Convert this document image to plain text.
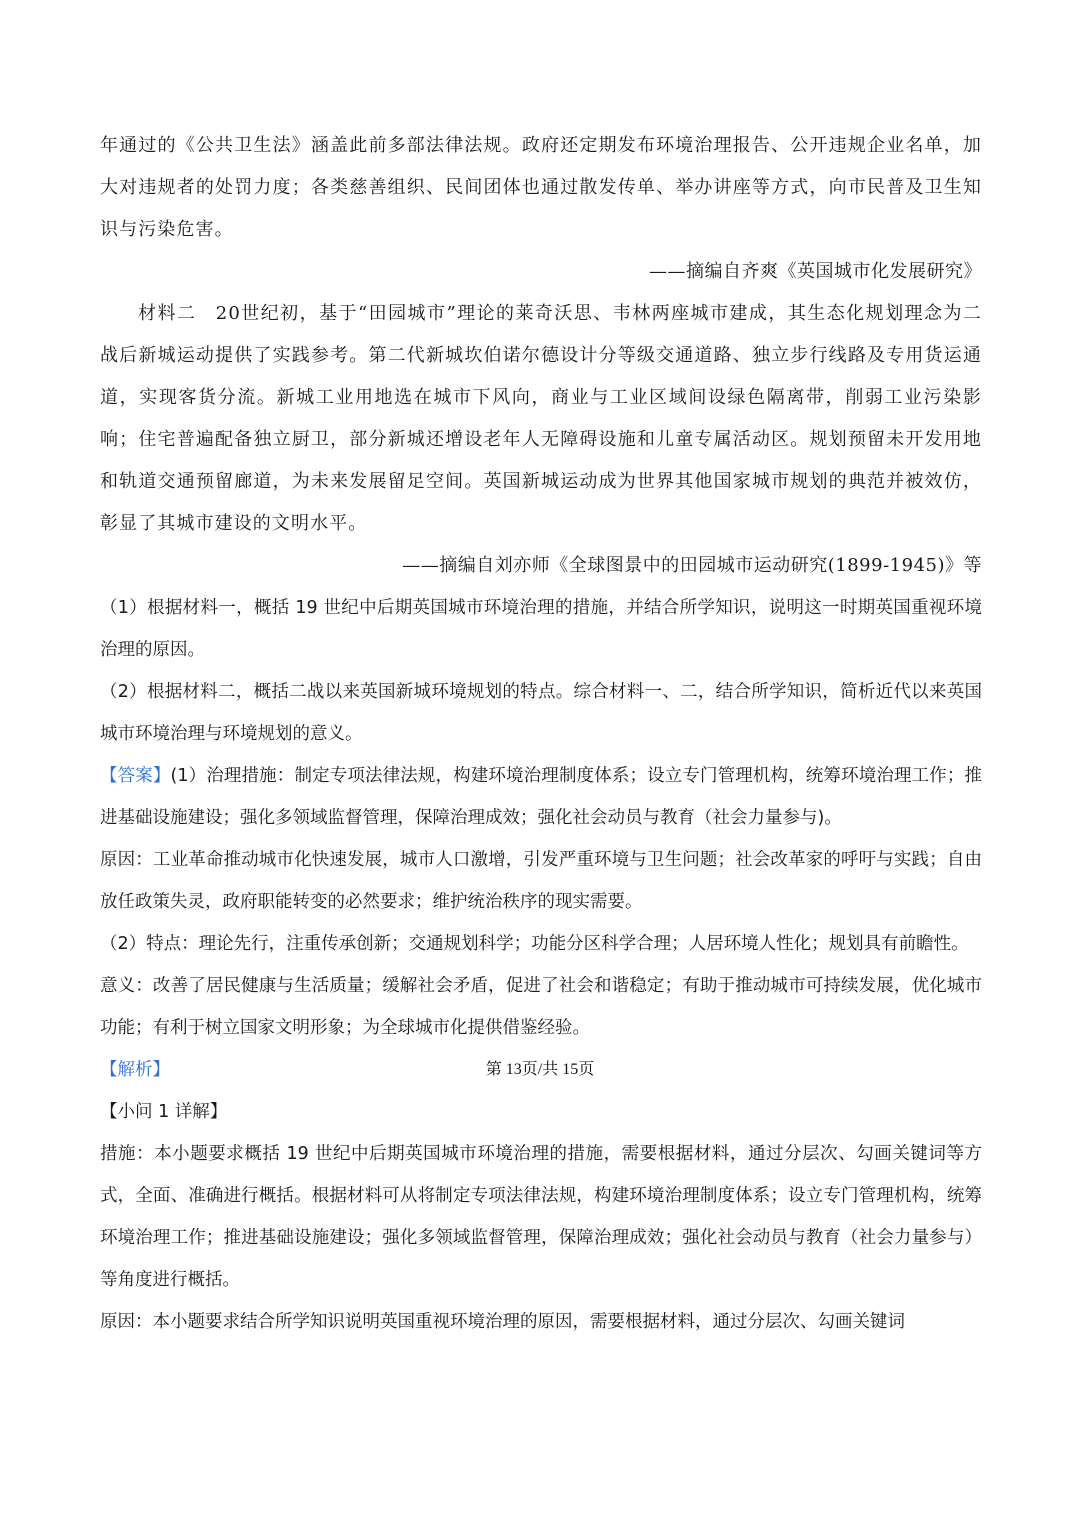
年通过的《公共卫生法》涵盖此前多部法律法规。政府还定期发布环境治理报告、公开违规企业名单，加大对违规者的处罚力度；各类慈善组织、民间团体也通过散发传单、举办讲座等方式，向市民普及卫生知识与污染危害。

——摘编自齐爽《英国城市化发展研究》

材料二　20世纪初，基于“田园城市”理论的莱奇沃思、韦林两座城市建成，其生态化规划理念为二战后新城运动提供了实践参考。第二代新城坎伯诺尔德设计分等级交通道路、独立步行线路及专用货运通道，实现客货分流。新城工业用地选在城市下风向，商业与工业区域间设绿色隔离带，削弱工业污染影响；住宅普遍配备独立厨卫，部分新城还增设老年人无障碍设施和儿童专属活动区。规划预留未开发用地和轨道交通预留廊道，为未来发展留足空间。英国新城运动成为世界其他国家城市规划的典范并被效仿，彰显了其城市建设的文明水平。

——摘编自刘亦师《全球图景中的田园城市运动研究(1899-1945)》等

（1）根据材料一，概括 19 世纪中后期英国城市环境治理的措施，并结合所学知识，说明这一时期英国重视环境治理的原因。

（2）根据材料二，概括二战以来英国新城环境规划的特点。综合材料一、二，结合所学知识，简析近代以来英国城市环境治理与环境规划的意义。

【答案】(1）治理措施：制定专项法律法规，构建环境治理制度体系；设立专门管理机构，统筹环境治理工作；推进基础设施建设；强化多领域监督管理，保障治理成效；强化社会动员与教育（社会力量参与)。

原因：工业革命推动城市化快速发展，城市人口激增，引发严重环境与卫生问题；社会改革家的呼吁与实践；自由放任政策失灵，政府职能转变的必然要求；维护统治秩序的现实需要。

（2）特点：理论先行，注重传承创新；交通规划科学；功能分区科学合理；人居环境人性化；规划具有前瞻性。

意义：改善了居民健康与生活质量；缓解社会矛盾，促进了社会和谐稳定；有助于推动城市可持续发展，优化城市功能；有利于树立国家文明形象；为全球城市化提供借鉴经验。

【解析】

【小问 1 详解】

措施：本小题要求概括 19 世纪中后期英国城市环境治理的措施，需要根据材料，通过分层次、勾画关键词等方式，全面、准确进行概括。根据材料可从将制定专项法律法规，构建环境治理制度体系；设立专门管理机构，统筹环境治理工作；推进基础设施建设；强化多领域监督管理，保障治理成效；强化社会动员与教育（社会力量参与）等角度进行概括。

原因：本小题要求结合所学知识说明英国重视环境治理的原因，需要根据材料，通过分层次、勾画关键词

第 13页/共 15页
